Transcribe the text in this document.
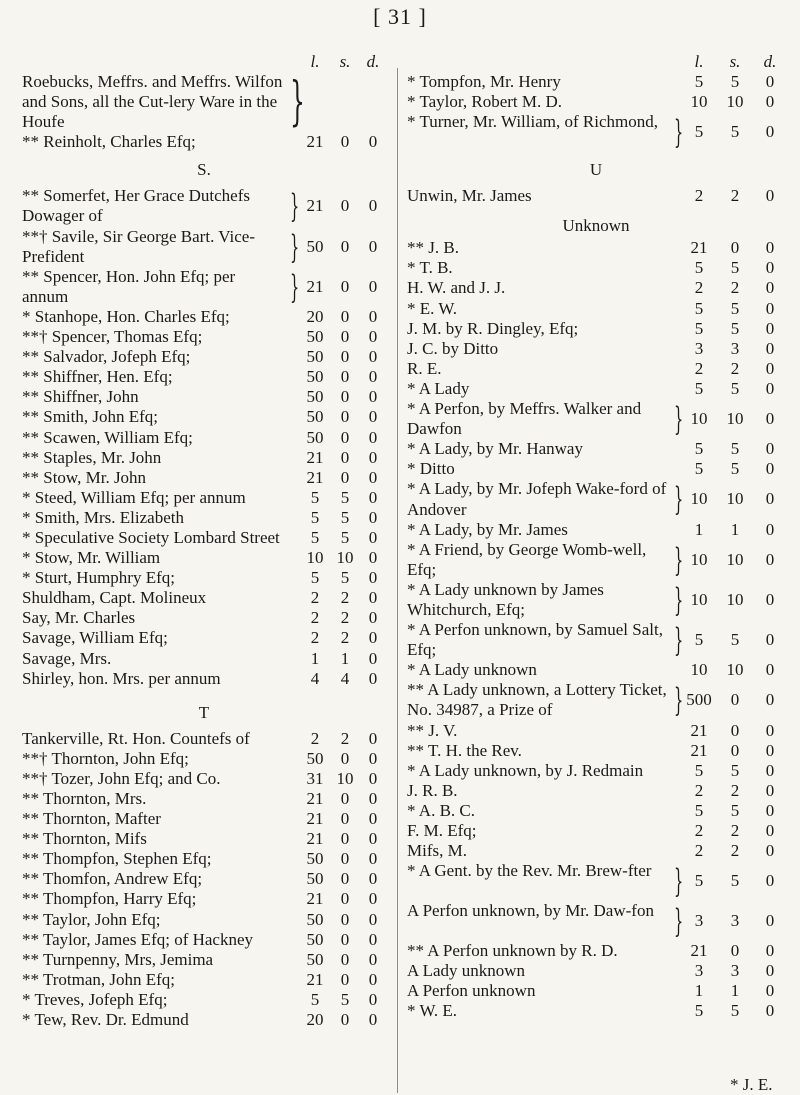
[ 31 ]
l.	s. d.
Roebucks, Meffrs. and Meffrs. Wilfon and Sons, all the Cut-lery Ware in the Houfe	}
** Reinholt, Charles Efq;	21	0	0
S.
** Somerfet, Her Grace Dutchefs Dowager of	} 21	0	0
**† Savile, Sir George Bart. Vice-Prefident	} 50	0	0
** Spencer, Hon. John Efq; per annum	} 21	0	0
* Stanhope, Hon. Charles Efq;	20	0	0
**† Spencer, Thomas Efq;	50	0	0
** Salvador, Jofeph Efq;	50	0	0
** Shiffner, Hen. Efq;	50	0	0
** Shiffner, John	50	0	0
** Smith, John Efq;	50	0	0
** Scawen, William Efq;	50	0	0
** Staples, Mr. John	21	0	0
** Stow, Mr. John	21	0	0
* Steed, William Efq; per annum	5	5	0
* Smith, Mrs. Elizabeth	5	5	0
* Speculative Society Lombard Street	5	5	0
* Stow, Mr. William	10 10 0
* Sturt, Humphry Efq;	5	5	0
Shuldham, Capt. Molineux	2	2	0
Say, Mr. Charles	2	2	0
Savage, William Efq;	2	2	0
Savage, Mrs.	1	1	0
Shirley, hon. Mrs. per annum	4	4	0
T
Tankerville, Rt. Hon. Countefs of	2	2	0
**† Thornton, John Efq;	50	0	0
**† Tozer, John Efq; and Co.	31 10 0
** Thornton, Mrs.	21	0	0
** Thornton, Mafter	21	0	0
** Thornton, Mifs	21	0	0
** Thompfon, Stephen Efq;	50	0	0
** Thomfon, Andrew Efq;	50	0	0
** Thompfon, Harry Efq;	21	0	0
** Taylor, John Efq;	50	0	0
** Taylor, James Efq; of Hackney	50	0	0
** Turnpenny, Mrs, Jemima	50	0	0
** Trotman, John Efq;	21	0	0
* Treves, Jofeph Efq;	5	5	0
* Tew, Rev. Dr. Edmund	20	0	0
l.	s.	d.
* Tompfon, Mr. Henry	5	5	0
* Taylor, Robert M. D.	10 10	0
* Turner, Mr. William, of Richmond, } 5	5	0
U
Unwin, Mr. James	2	2	0
Unknown
** J. B.	21	0	0
* T. B.	5	5	0
H. W. and J. J.	2	2	0
* E. W.	5	5	0
J. M. by R. Dingley, Efq;	5	5	0
J. C. by Ditto	3	3	0
R. E.	2	2	0
* A Lady	5	5	0
* A Perfon, by Meffrs. Walker and Dawfon	} 10 10	0
* A Lady, by Mr. Hanway	5	5	0
* Ditto	5	5	0
* A Lady, by Mr. Jofeph Wake-ford of Andover	} 10 10	0
* A Lady, by Mr. James	1	1	0
* A Friend, by George Womb-well, Efq;	} 10 10	0
* A Lady unknown by James Whitchurch, Efq;	} 10 10	0
* A Perfon unknown, by Samuel Salt, Efq;	} 5	5	0
* A Lady unknown	10 10	0
** A Lady unknown, a Lottery Ticket, No. 34987, a Prize of	} 500	0	0
** J. V.	21	0	0
** T. H. the Rev.	21	0	0
* A Lady unknown, by J. Redmain	5	5	0
J. R. B.	2	2	0
* A. B. C.	5	5	0
F. M. Efq;	2	2	0
Mifs, M.	2	2	0
* A Gent. by the Rev. Mr. Brew-fter } 5	5	0
A Perfon unknown, by Mr. Daw-fon } 3	3	0
** A Perfon unknown by R. D.	21	0	0
A Lady unknown	3	3	0
A Perfon unknown	1	1	0
* W. E.	5	5	0
* J. E.
